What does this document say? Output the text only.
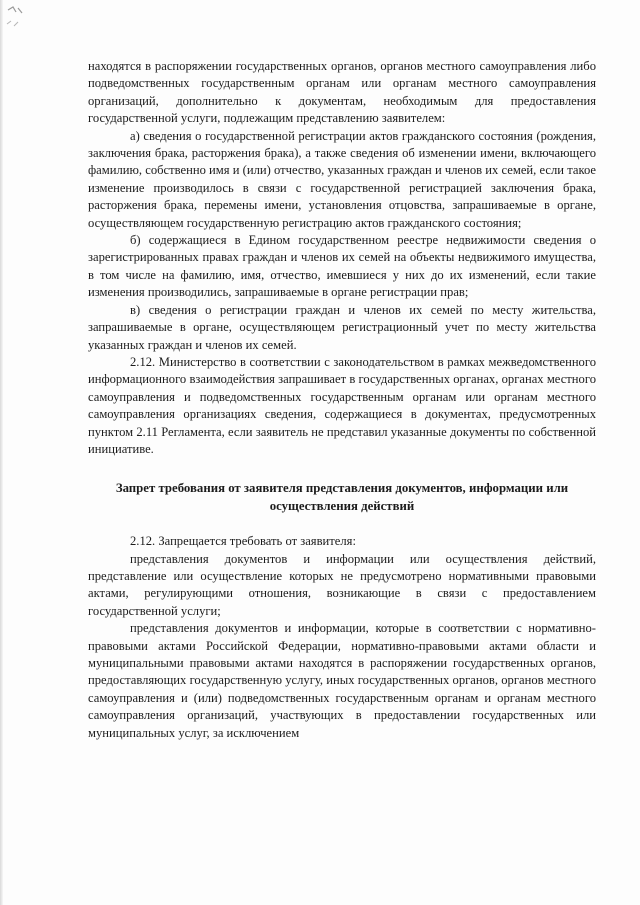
находятся в распоряжении государственных органов, органов местного самоуправления либо подведомственных государственным органам или органам местного самоуправления организаций, дополнительно к документам, необходимым для предоставления государственной услуги, подлежащим представлению заявителем:

а) сведения о государственной регистрации актов гражданского состояния (рождения, заключения брака, расторжения брака), а также сведения об изменении имени, включающего фамилию, собственно имя и (или) отчество, указанных граждан и членов их семей, если такое изменение производилось в связи с государственной регистрацией заключения брака, расторжения брака, перемены имени, установления отцовства, запрашиваемые в органе, осуществляющем государственную регистрацию актов гражданского состояния;

б) содержащиеся в Едином государственном реестре недвижимости сведения о зарегистрированных правах граждан и членов их семей на объекты недвижимого имущества, в том числе на фамилию, имя, отчество, имевшиеся у них до их изменений, если такие изменения производились, запрашиваемые в органе регистрации прав;

в) сведения о регистрации граждан и членов их семей по месту жительства, запрашиваемые в органе, осуществляющем регистрационный учет по месту жительства указанных граждан и членов их семей.

2.12. Министерство в соответствии с законодательством в рамках межведомственного информационного взаимодействия запрашивает в государственных органах, органах местного самоуправления и подведомственных государственным органам или органам местного самоуправления организациях сведения, содержащиеся в документах, предусмотренных пунктом 2.11 Регламента, если заявитель не представил указанные документы по собственной инициативе.

Запрет требования от заявителя представления документов, информации или осуществления действий

2.12. Запрещается требовать от заявителя:

представления документов и информации или осуществления действий, представление или осуществление которых не предусмотрено нормативными правовыми актами, регулирующими отношения, возникающие в связи с предоставлением государственной услуги;

представления документов и информации, которые в соответствии с нормативно-правовыми актами Российской Федерации, нормативно-правовыми актами области и муниципальными правовыми актами находятся в распоряжении государственных органов, предоставляющих государственную услугу, иных государственных органов, органов местного самоуправления и (или) подведомственных государственным органам и органам местного самоуправления организаций, участвующих в предоставлении государственных или муниципальных услуг, за исключением
